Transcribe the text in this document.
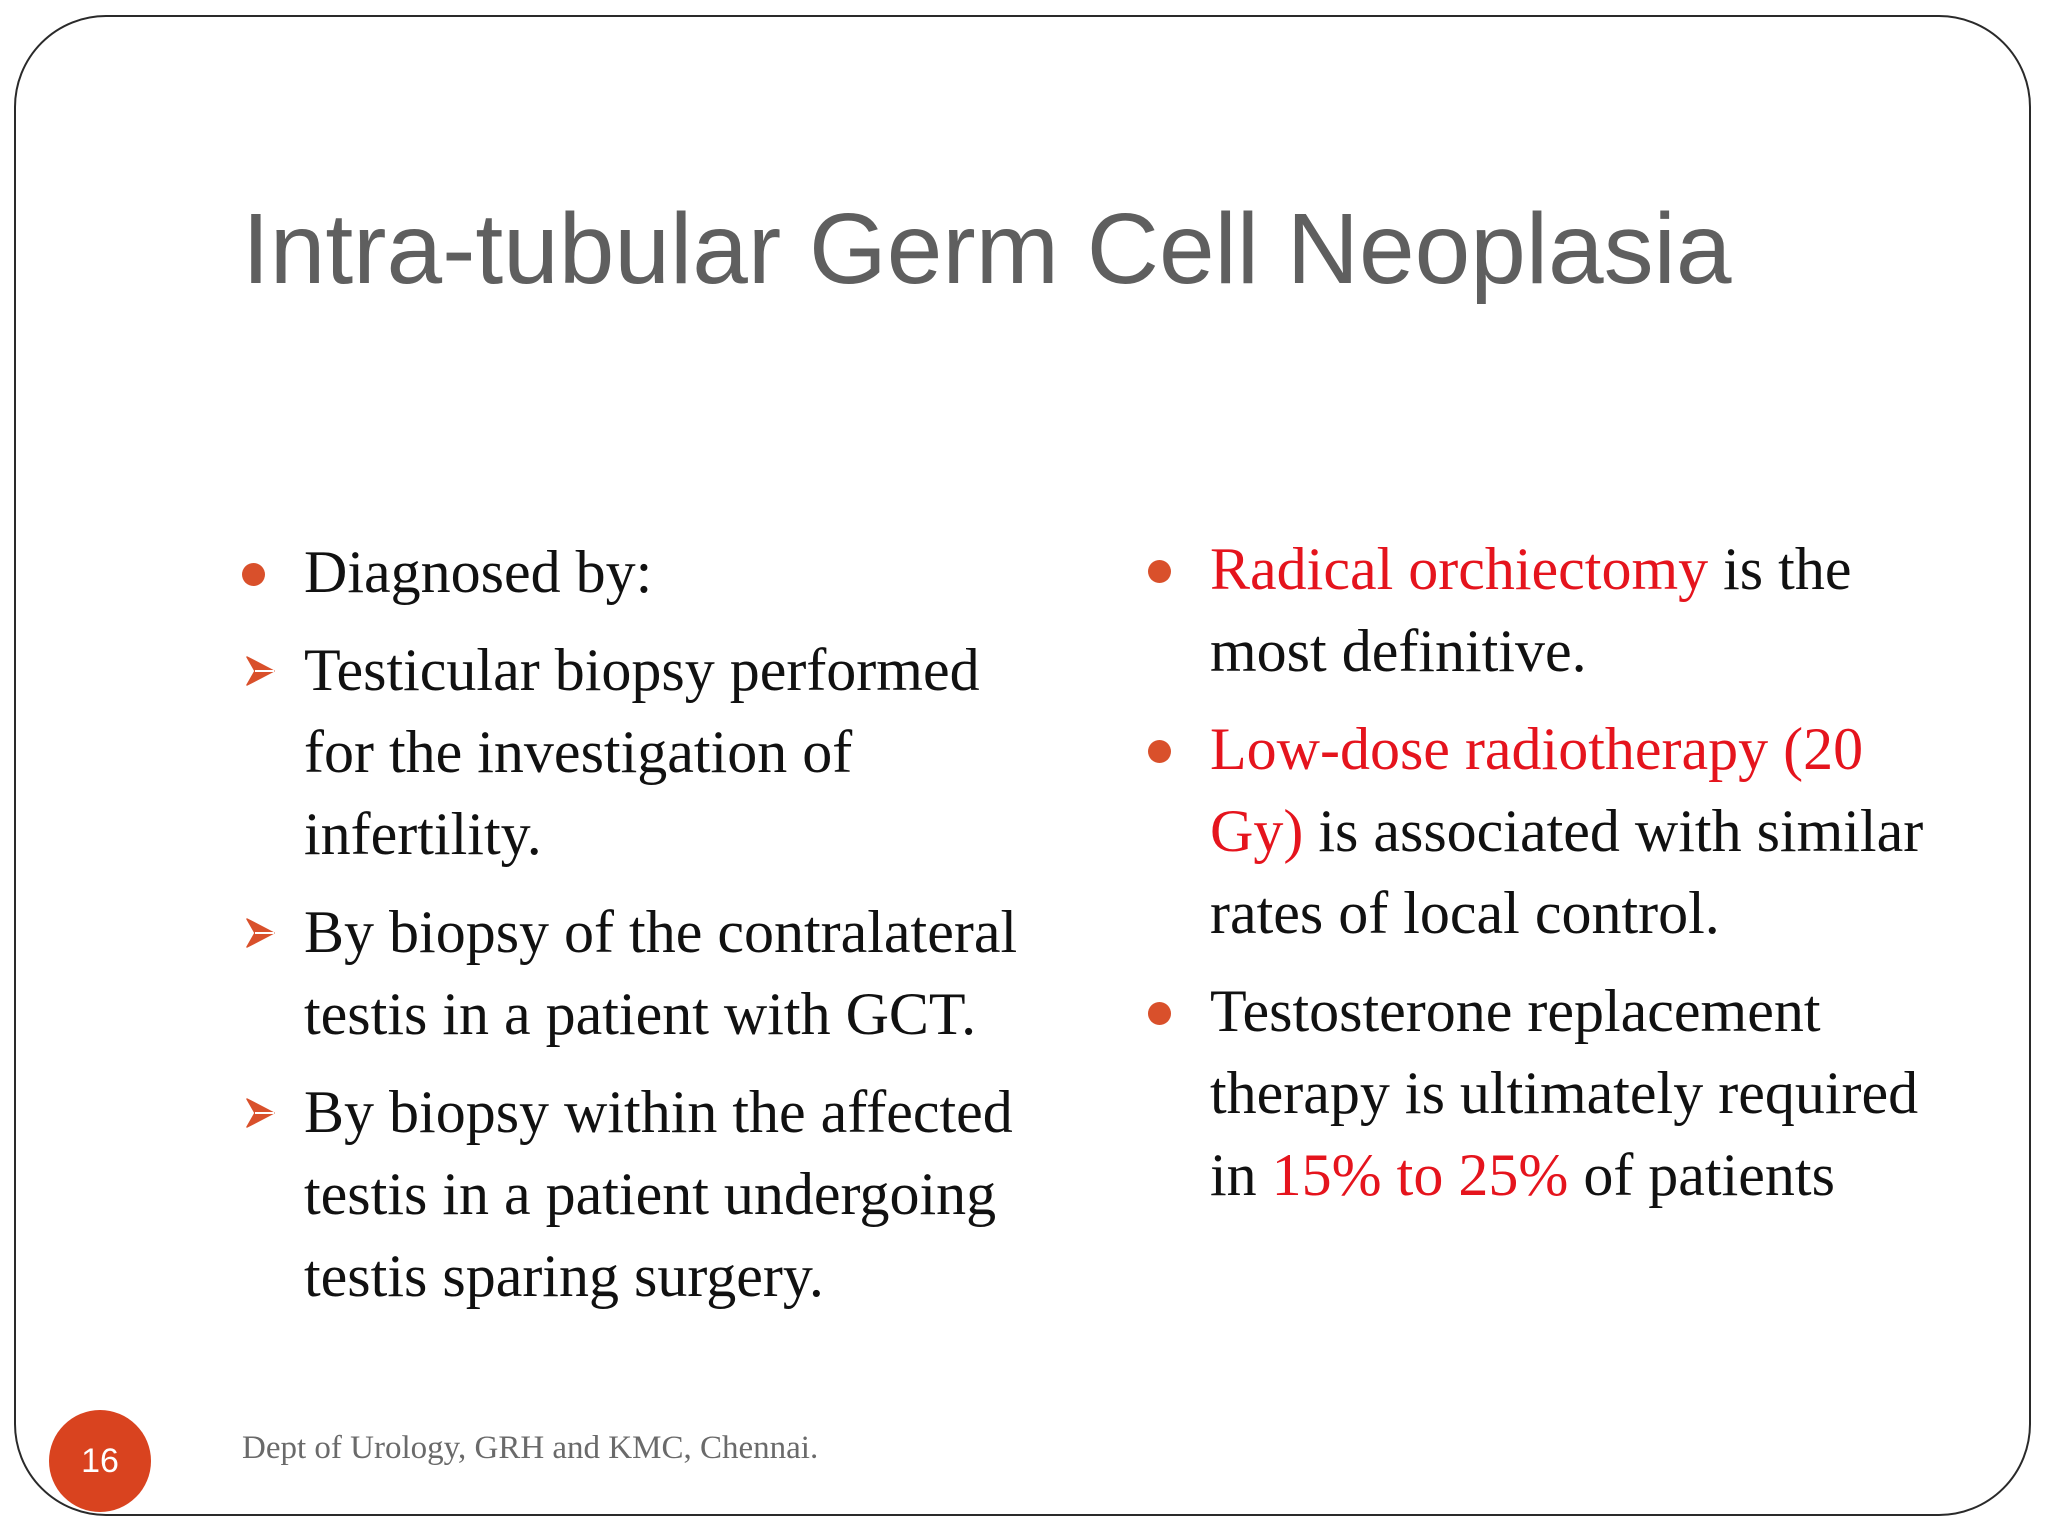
Intra-tubular Germ Cell Neoplasia
Diagnosed by:
Testicular biopsy performed for the investigation of infertility.
By biopsy of the contralateral testis in a patient with GCT.
By biopsy within the affected testis in a patient undergoing testis sparing surgery.
Radical orchiectomy is the most definitive.
Low-dose radiotherapy (20 Gy) is associated with similar rates of local control.
Testosterone replacement therapy is ultimately required in 15% to 25% of patients
16	Dept of Urology, GRH and KMC, Chennai.
